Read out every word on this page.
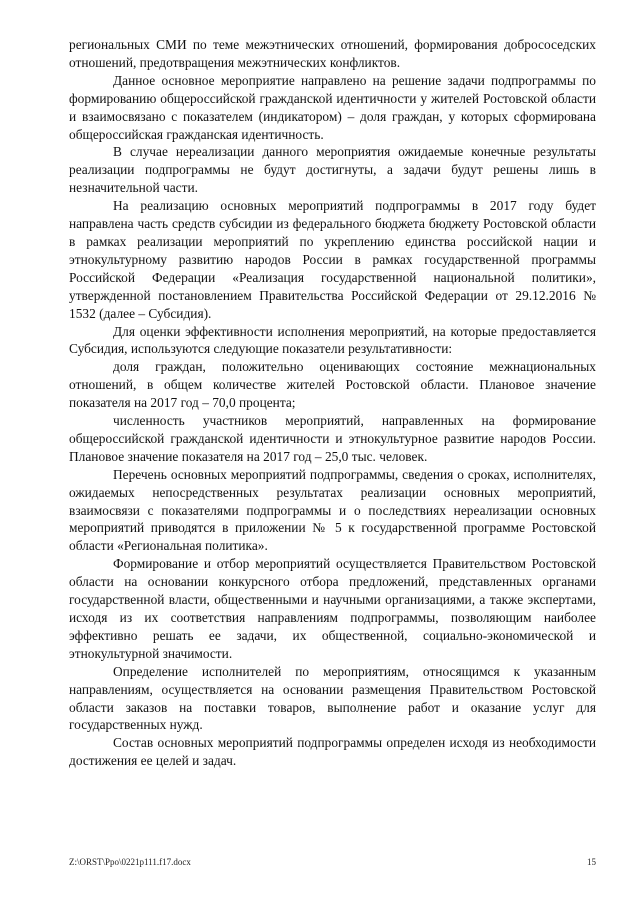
региональных СМИ по теме межэтнических отношений, формирования добрососедских отношений, предотвращения межэтнических конфликтов.

Данное основное мероприятие направлено на решение задачи подпрограммы по формированию общероссийской гражданской идентичности у жителей Ростовской области и взаимосвязано с показателем (индикатором) – доля граждан, у которых сформирована общероссийская гражданская идентичность.

В случае нереализации данного мероприятия ожидаемые конечные результаты реализации подпрограммы не будут достигнуты, а задачи будут решены лишь в незначительной части.

На реализацию основных мероприятий подпрограммы в 2017 году будет направлена часть средств субсидии из федерального бюджета бюджету Ростовской области в рамках реализации мероприятий по укреплению единства российской нации и этнокультурному развитию народов России в рамках государственной программы Российской Федерации «Реализация государственной национальной политики», утвержденной постановлением Правительства Российской Федерации от 29.12.2016 № 1532 (далее – Субсидия).

Для оценки эффективности исполнения мероприятий, на которые предоставляется Субсидия, используются следующие показатели результативности:

доля граждан, положительно оценивающих состояние межнациональных отношений, в общем количестве жителей Ростовской области. Плановое значение показателя на 2017 год – 70,0 процента;

численность участников мероприятий, направленных на формирование общероссийской гражданской идентичности и этнокультурное развитие народов России. Плановое значение показателя на 2017 год – 25,0 тыс. человек.

Перечень основных мероприятий подпрограммы, сведения о сроках, исполнителях, ожидаемых непосредственных результатах реализации основных мероприятий, взаимосвязи с показателями подпрограммы и о последствиях нереализации основных мероприятий приводятся в приложении № 5 к государственной программе Ростовской области «Региональная политика».

Формирование и отбор мероприятий осуществляется Правительством Ростовской области на основании конкурсного отбора предложений, представленных органами государственной власти, общественными и научными организациями, а также экспертами, исходя из их соответствия направлениям подпрограммы, позволяющим наиболее эффективно решать ее задачи, их общественной, социально-экономической и этнокультурной значимости.

Определение исполнителей по мероприятиям, относящимся к указанным направлениям, осуществляется на основании размещения Правительством Ростовской области заказов на поставки товаров, выполнение работ и оказание услуг для государственных нужд.

Состав основных мероприятий подпрограммы определен исходя из необходимости достижения ее целей и задач.

Z:\ORST\Ppo\0221p111.f17.docx	15
